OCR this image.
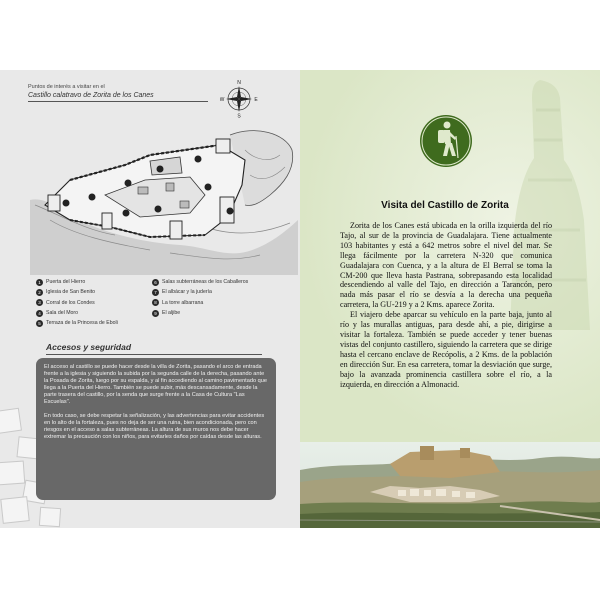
Puntos de interés a visitar en el
Castillo calatravo de Zorita de los Canes
N
S
W	E
1	Puerta del Hierro
2	Iglesia de San Benito
3	Corral de los Condes
4	Sala del Moro
5	Terraza de la Princesa de Eboli
6	Salas subterráneas de los Caballeros
7	El albácar y la judería
8	La torre albarrana
9	El aljibe
Accesos y seguridad

El acceso al castillo se puede hacer desde la villa de Zorita, pasando el arco de entrada frente a la iglesia y siguiendo la subida por la segunda calle de la derecha, pasando ante la Posada de Zorita, luego por su espalda, y al fin accediendo al camino pavimentado que llega a la Puerta del Hierro. También se puede subir, más descansadamente, desde la parte trasera del castillo, por la senda que surge frente a la Casa de Cultura "Las Escuelas".

En todo caso, se debe respetar la señalización, y las advertencias para evitar accidentes en lo alto de la fortaleza, pues no deja de ser una ruina, bien acondicionada, pero con riesgos en el acceso a salas subterráneas. La altura de sus muros nos debe hacer extremar la precaución con los niños, para evitarles daños por caídas desde las alturas.

Visita del Castillo de Zorita

Zorita de los Canes está ubicada en la orilla izquierda del río Tajo, al sur de la provincia de Guadalajara. Tiene actualmente 103 habitantes y está a 642 metros sobre el nivel del mar. Se llega fácilmente por la carretera N-320 que comunica Guadalajara con Cuenca, y a la altura de El Berral se toma la CM-200 que lleva hasta Pastrana, sobrepasando esta localidad descendiendo al valle del Tajo, en dirección a Tarancón, pero nada más pasar el río se desvía a la derecha una pequeña carretera, la GU-219 y a 2 Kms. aparece Zorita.

El viajero debe aparcar su vehículo en la parte baja, junto al río y las murallas antiguas, para desde ahí, a pie, dirigirse a visitar la fortaleza. También se puede acceder y tener buenas vistas del conjunto castillero, siguiendo la carretera que se dirige hasta el cercano enclave de Recópolis, a 2 Kms. de la población en dirección Sur. En esa carretera, tomar la desviación que surge, bajo la avanzada prominencia castillera sobre el río, a la izquierda, en dirección a Almonacid.
